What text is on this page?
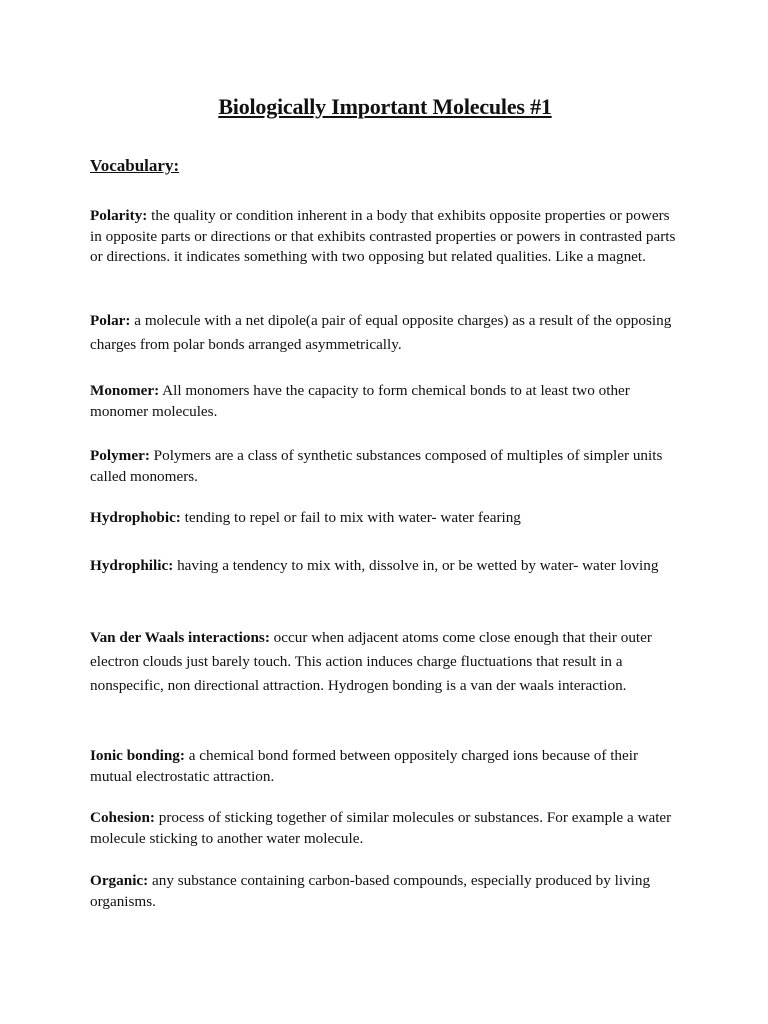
Biologically Important Molecules #1
Vocabulary:

Polarity: the quality or condition inherent in a body that exhibits opposite properties or powers in opposite parts or directions or that exhibits contrasted properties or powers in contrasted parts or directions. it indicates something with two opposing but related qualities. Like a magnet.

Polar: a molecule with a net dipole(a pair of equal opposite charges) as a result of the opposing charges from polar bonds arranged asymmetrically.

Monomer: All monomers have the capacity to form chemical bonds to at least two other monomer molecules.

Polymer: Polymers are a class of synthetic substances composed of multiples of simpler units called monomers.

Hydrophobic: tending to repel or fail to mix with water- water fearing

Hydrophilic: having a tendency to mix with, dissolve in, or be wetted by water- water loving

Van der Waals interactions: occur when adjacent atoms come close enough that their outer electron clouds just barely touch. This action induces charge fluctuations that result in a nonspecific, non directional attraction. Hydrogen bonding is a van der waals interaction.

Ionic bonding: a chemical bond formed between oppositely charged ions because of their mutual electrostatic attraction.

Cohesion: process of sticking together of similar molecules or substances. For example a water molecule sticking to another water molecule.

Organic: any substance containing carbon-based compounds, especially produced by living organisms.
